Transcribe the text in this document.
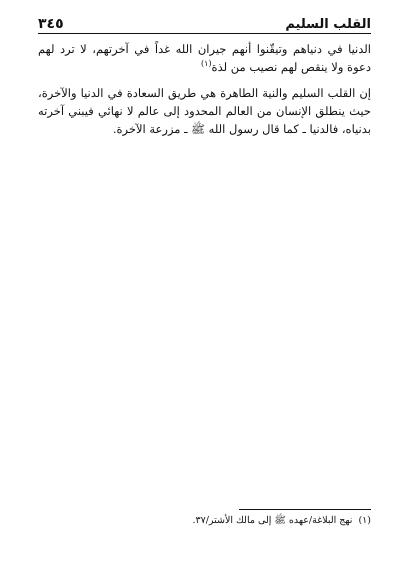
القلب السليم
٣٤٥

الدنيا في دنياهم وتيقّنوا أنهم جيران الله غداً في آخرتهم، لا ترد لهم دعوة ولا ينقص لهم نصيب من لذة$^{(١)}$

إن القلب السليم والنية الطاهرة هي طريق السعادة في الدنيا والآخرة، حيث ينطلق الإنسان من العالم المحدود إلى عالم لا نهائي فيبني آخرته بدنياه، فالدنيا ـ كما قال رسول الله ﷺ ـ مزرعة الآخرة.

(١)نهج البلاغة/عهده ﷺ إلى مالك الأشتر/٣٧.
